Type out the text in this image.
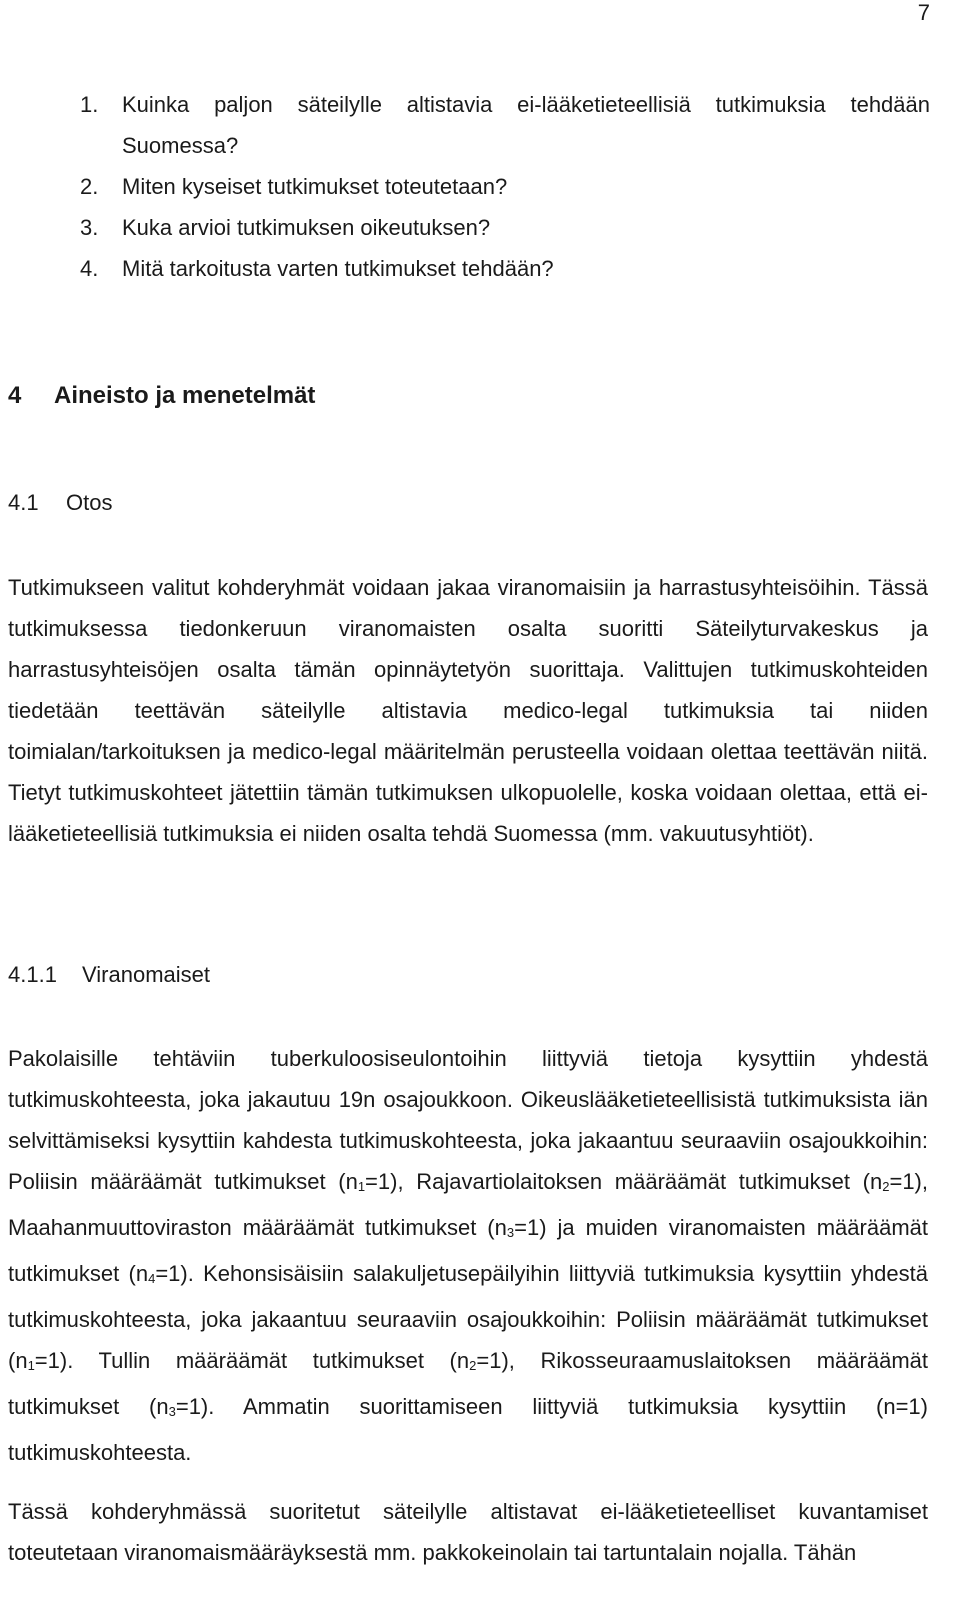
7
1.	Kuinka paljon säteilylle altistavia ei-lääketieteellisiä tutkimuksia tehdään Suomessa?
2.	Miten kyseiset tutkimukset toteutetaan?
3.	Kuka arvioi tutkimuksen oikeutuksen?
4.	Mitä tarkoitusta varten tutkimukset tehdään?
4 Aineisto ja menetelmät
4.1 Otos

Tutkimukseen valitut kohderyhmät voidaan jakaa viranomaisiin ja harrastusyhteisöihin. Tässä tutkimuksessa tiedonkeruun viranomaisten osalta suoritti Säteilyturvakeskus ja harrastusyhteisöjen osalta tämän opinnäytetyön suorittaja. Valittujen tutkimuskohteiden tiedetään teettävän säteilylle altistavia medico-legal tutkimuksia tai niiden toimialan/tarkoituksen ja medico-legal määritelmän perusteella voidaan olettaa teettävän niitä. Tietyt tutkimuskohteet jätettiin tämän tutkimuksen ulkopuolelle, koska voidaan olettaa, että ei-lääketieteellisiä tutkimuksia ei niiden osalta tehdä Suomessa (mm. vakuutusyhtiöt).

4.1.1 Viranomaiset

Pakolaisille tehtäviin tuberkuloosiseulontoihin liittyviä tietoja kysyttiin yhdestä tutkimuskohteesta, joka jakautuu 19n osajoukkoon. Oikeuslääketieteellisistä tutkimuksista iän selvittämiseksi kysyttiin kahdesta tutkimuskohteesta, joka jakaantuu seuraaviin osajoukkoihin: Poliisin määräämät tutkimukset $(n_1=1)$, Rajavartiolaitoksen määräämät tutkimukset $(n_2=1)$, Maahanmuuttoviraston määräämät tutkimukset $(n_3=1)$ ja muiden viranomaisten määräämät tutkimukset $(n_4=1)$. Kehonsisäisiin salakuljetusepäilyihin liittyviä tutkimuksia kysyttiin yhdestä tutkimuskohteesta, joka jakaantuu seuraaviin osajoukkoihin: Poliisin määräämät tutkimukset $(n_1=1)$. Tullin määräämät tutkimukset $(n_2=1)$, Rikosseuraamuslaitoksen määräämät tutkimukset $(n_3=1)$. Ammatin suorittamiseen liittyviä tutkimuksia kysyttiin (n=1) tutkimuskohteesta.

Tässä kohderyhmässä suoritetut säteilylle altistavat ei-lääketieteelliset kuvantamiset toteutetaan viranomaismääräyksestä mm. pakkokeinolain tai tartuntalain nojalla. Tähän
